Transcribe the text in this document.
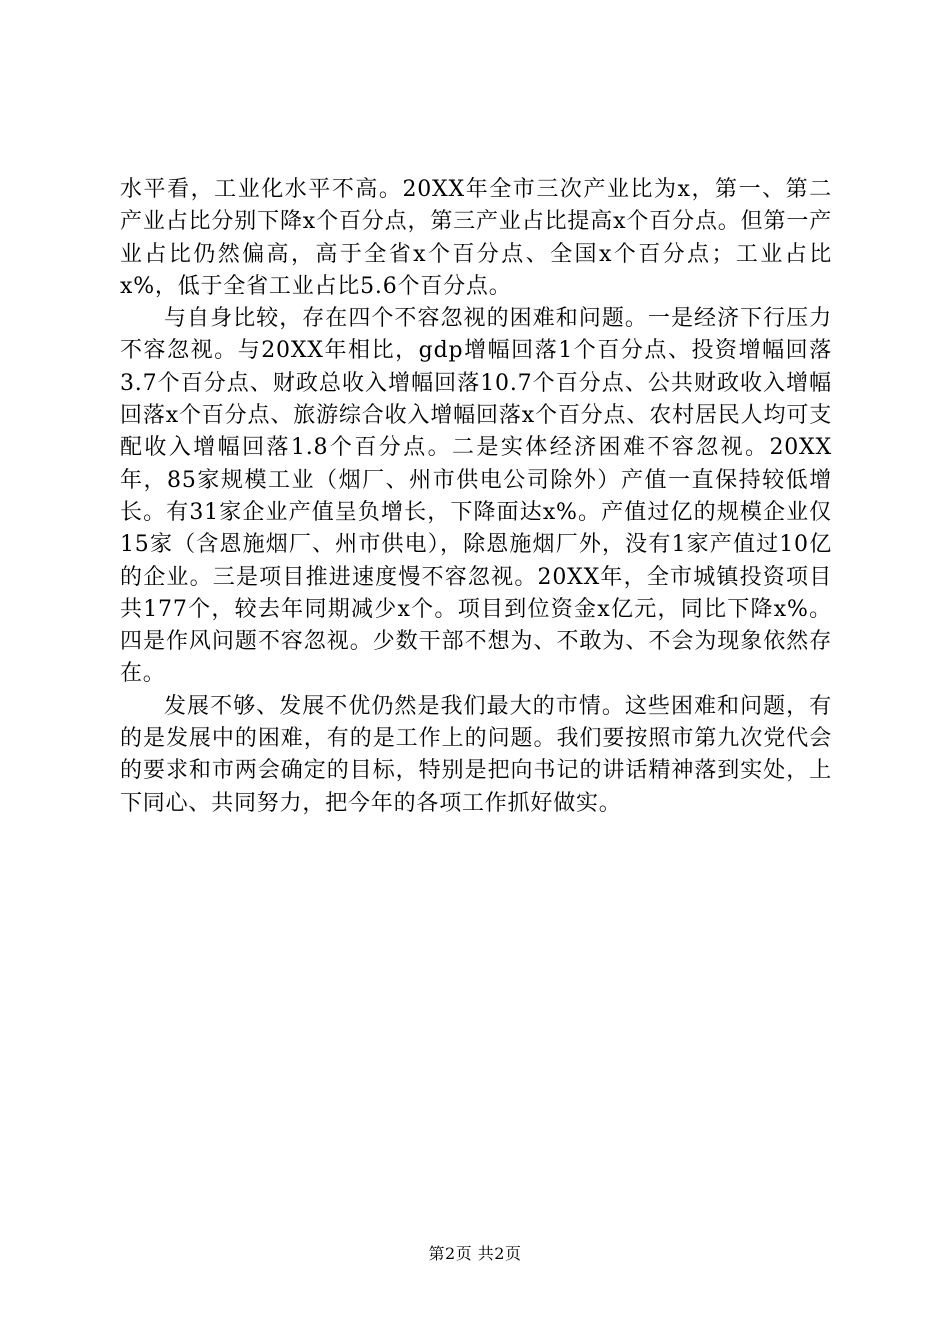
水平看，工业化水平不高。20XX年全市三次产业比为x，第一、第二产业占比分别下降x个百分点，第三产业占比提高x个百分点。但第一产业占比仍然偏高，高于全省x个百分点、全国x个百分点；工业占比x%，低于全省工业占比5.6个百分点。

与自身比较，存在四个不容忽视的困难和问题。一是经济下行压力不容忽视。与20XX年相比，gdp增幅回落1个百分点、投资增幅回落3.7个百分点、财政总收入增幅回落10.7个百分点、公共财政收入增幅回落x个百分点、旅游综合收入增幅回落x个百分点、农村居民人均可支配收入增幅回落1.8个百分点。二是实体经济困难不容忽视。20XX年，85家规模工业（烟厂、州市供电公司除外）产值一直保持较低增长。有31家企业产值呈负增长，下降面达x%。产值过亿的规模企业仅15家（含恩施烟厂、州市供电），除恩施烟厂外，没有1家产值过10亿的企业。三是项目推进速度慢不容忽视。20XX年，全市城镇投资项目共177个，较去年同期减少x个。项目到位资金x亿元，同比下降x%。四是作风问题不容忽视。少数干部不想为、不敢为、不会为现象依然存在。

发展不够、发展不优仍然是我们最大的市情。这些困难和问题，有的是发展中的困难，有的是工作上的问题。我们要按照市第九次党代会的要求和市两会确定的目标，特别是把向书记的讲话精神落到实处，上下同心、共同努力，把今年的各项工作抓好做实。

第2页 共2页
